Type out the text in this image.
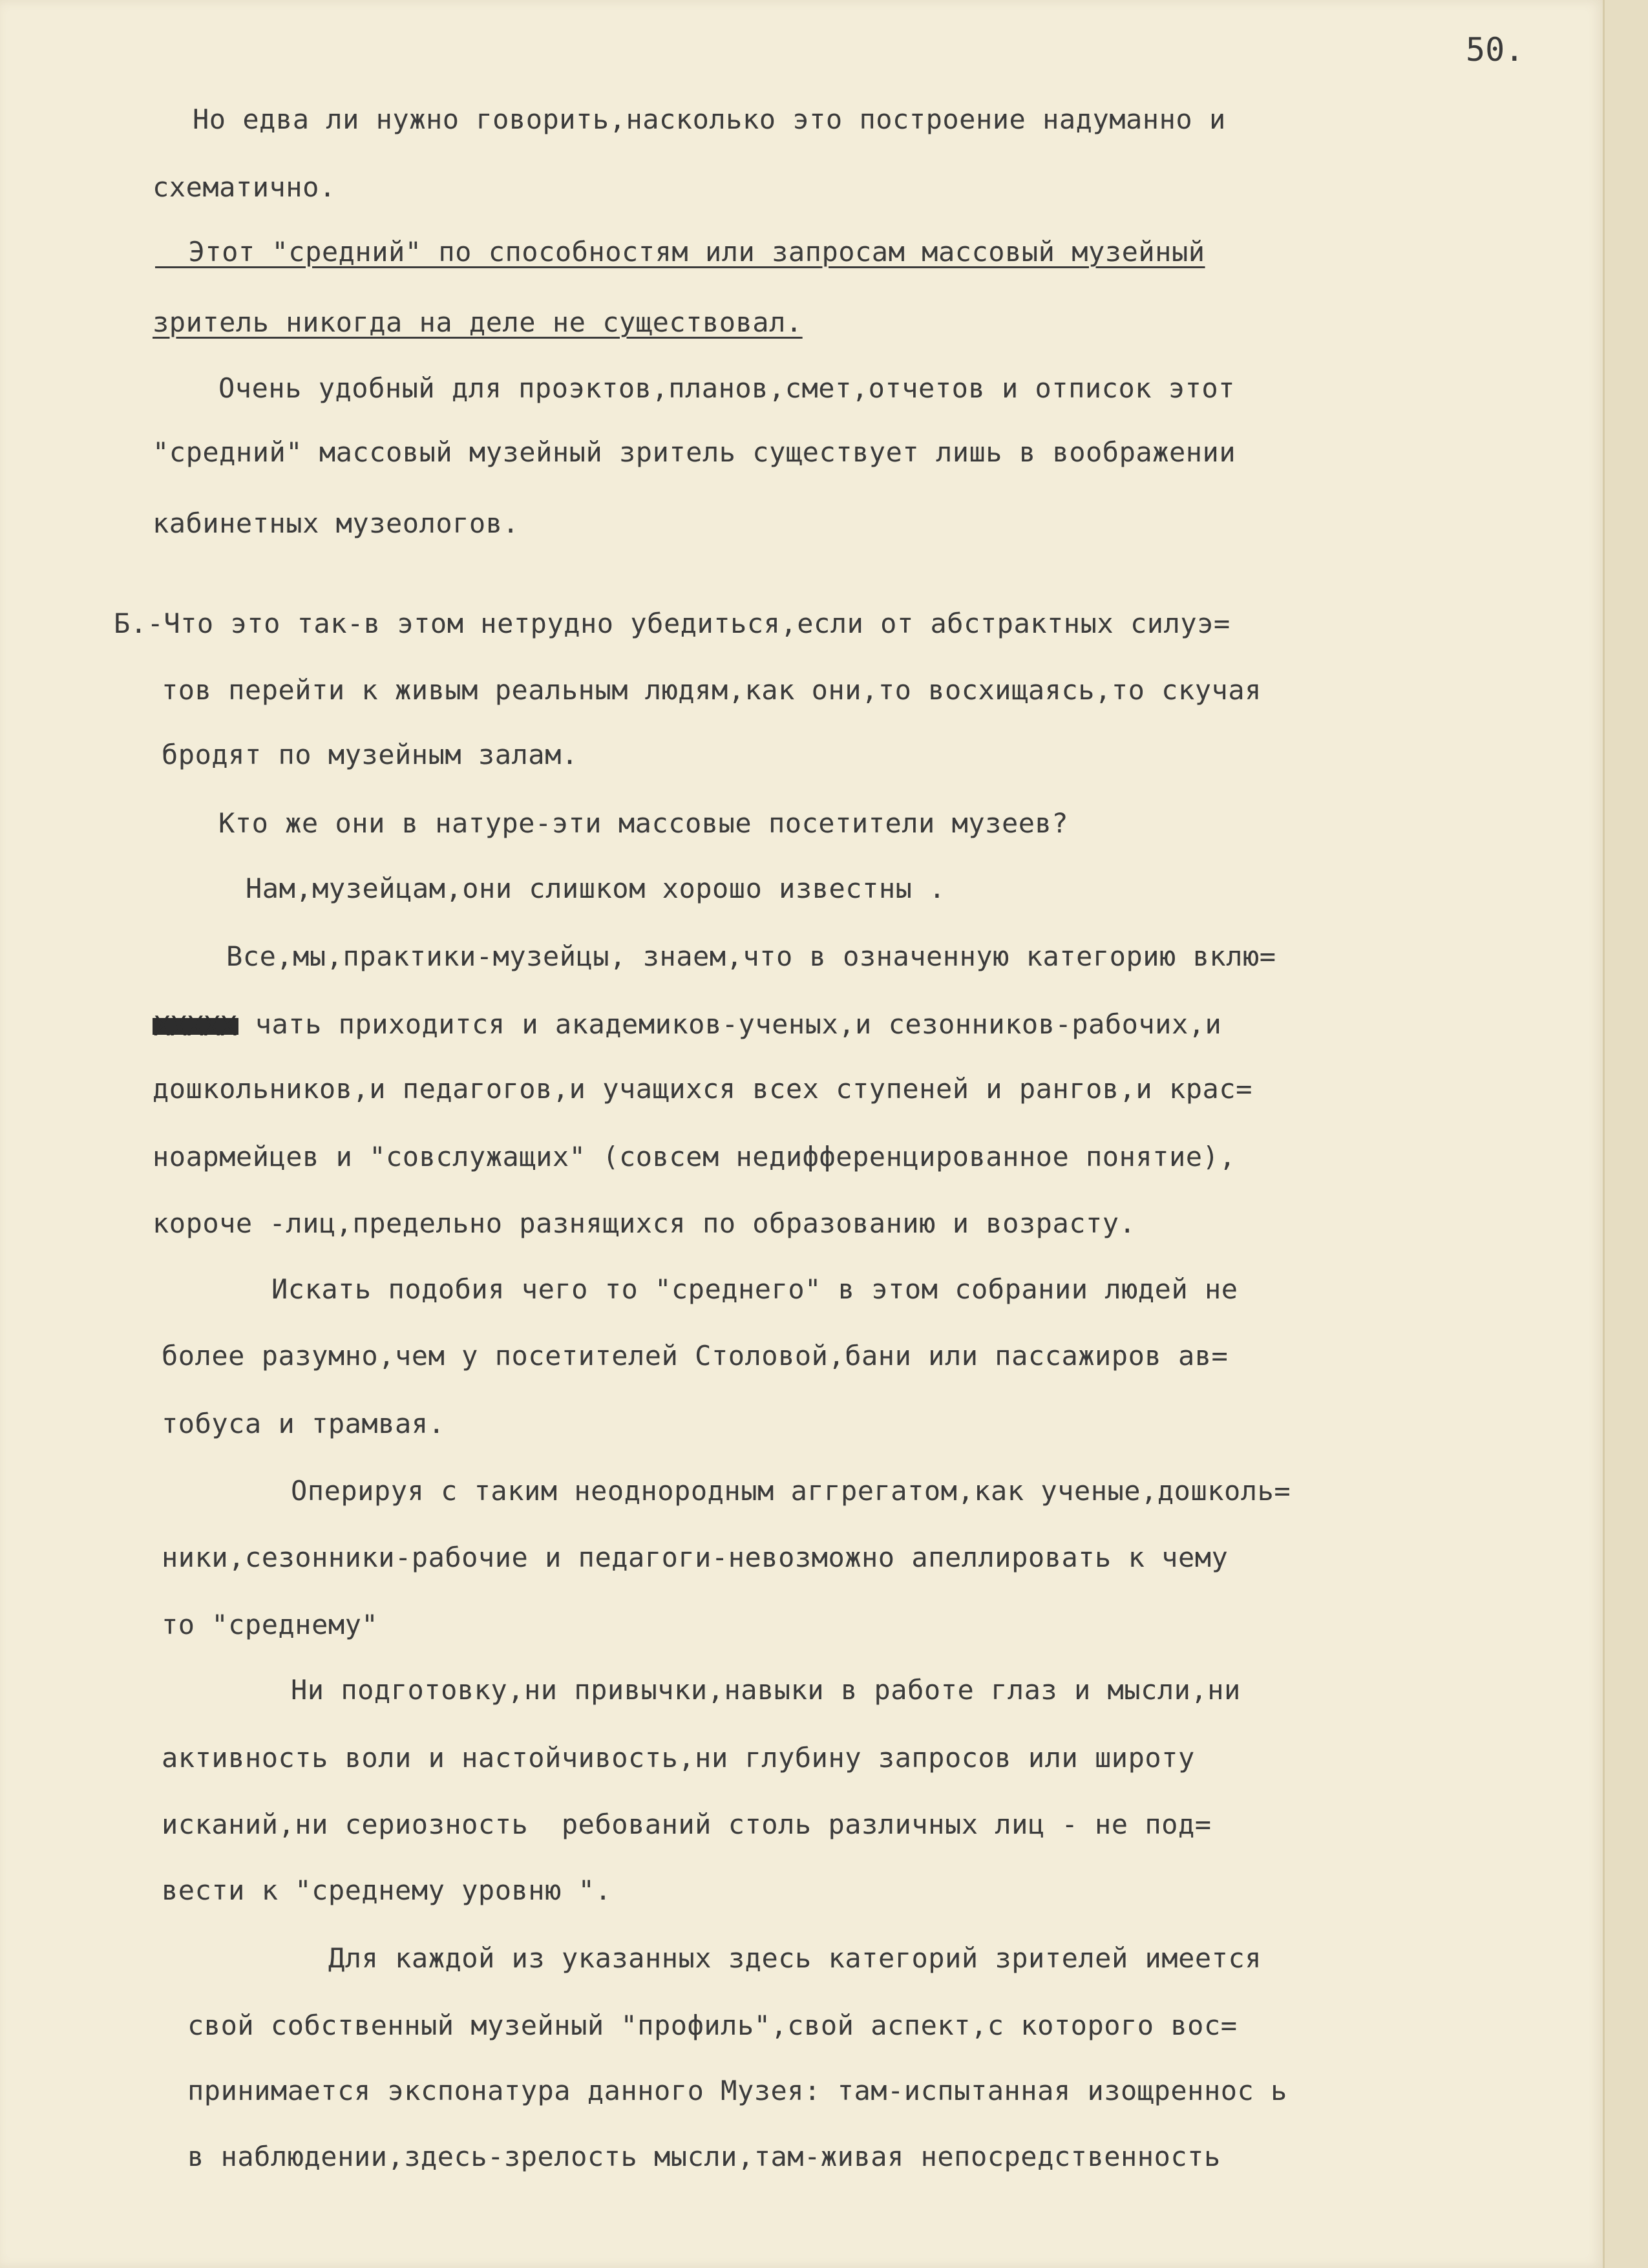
50.
Но едва ли нужно говорить,насколько это построение надуманно и
схематично.
Этот "средний" по способностям или запросам массовый музейный
зритель никогда на деле не существовал.
Очень удобный для проэктов,планов,смет,отчетов и отписок этот
"средний" массовый музейный зритель существует лишь в воображении
кабинетных музеологов.
Б.-Что это так-в этом нетрудно убедиться,если от абстрактных силуэ=
тов перейти к живым реальным людям,как они,то восхищаясь,то скучая
бродят по музейным залам.
Кто же они в натуре-эти массовые посетители музеев?
Нам,музейцам,они слишком хорошо известны .
Все,мы,практики-музейцы, знаем,что в означенную категорию вклю=
XXXXX чать приходится и академиков-ученых,и сезонников-рабочих,и
дошкольников,и педагогов,и учащихся всех ступеней и рангов,и крас=
ноармейцев и "совслужащих" (совсем недифференцированное понятие),
короче -лиц,предельно разнящихся по образованию и возрасту.
Искать подобия чего то "среднего" в этом собрании людей не
более разумно,чем у посетителей Столовой,бани или пассажиров ав=
тобуса и трамвая.
Оперируя с таким неоднородным аггрегатом,как ученые,дошколь=
ники,сезонники-рабочие и педагоги-невозможно апеллировать к чему
то "среднему"
Ни подготовку,ни привычки,навыки в работе глаз и мысли,ни
активность воли и настойчивость,ни глубину запросов или широту
исканий,ни сериозность  ребований столь различных лиц - не под=
вести к "среднему уровню ".
Для каждой из указанных здесь категорий зрителей имеется
свой собственный музейный "профиль",свой аспект,с которого вос=
принимается экспонатура данного Музея: там-испытанная изощреннос ь
в наблюдении,здесь-зрелость мысли,там-живая непосредственность
